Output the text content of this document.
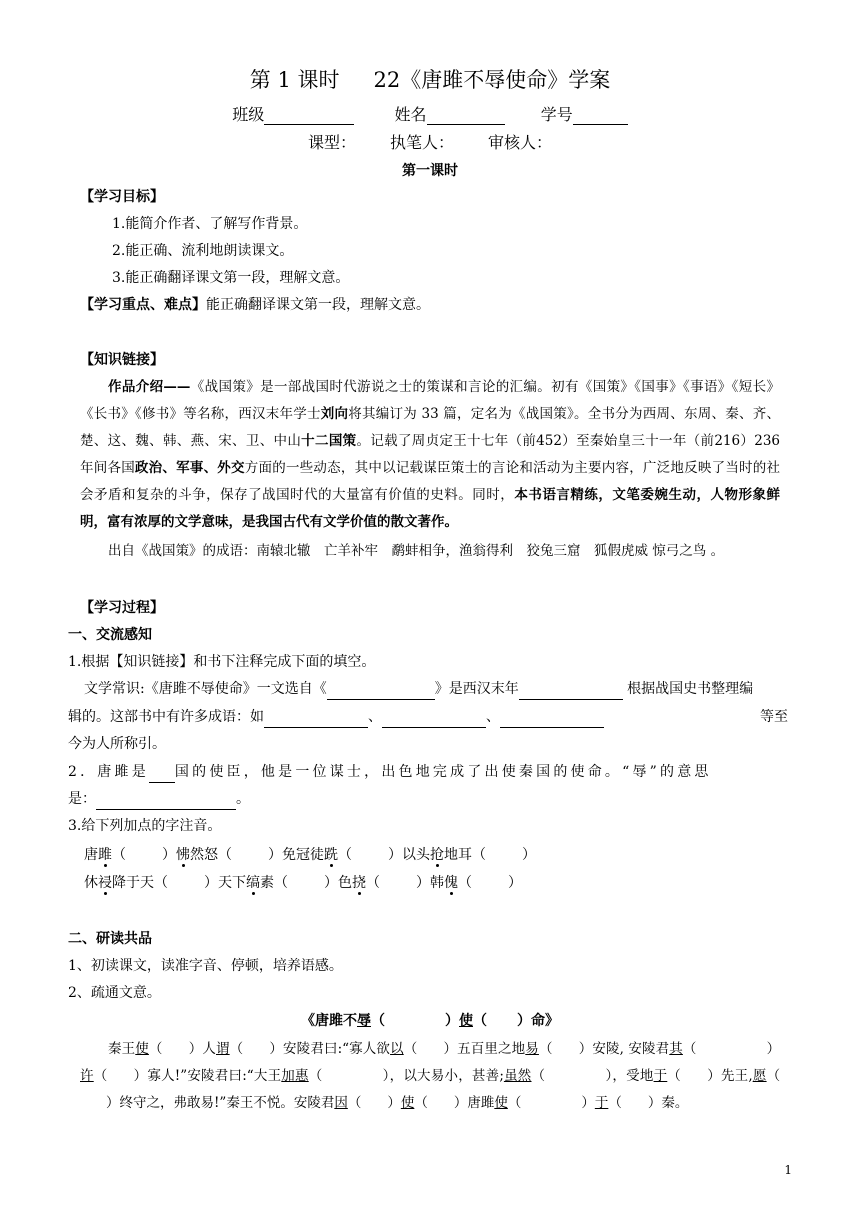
第 1 课时 22《唐雎不辱使命》学案
班级	姓名	学号
课型： 执笔人： 审核人：
第一课时
【学习目标】
1.能简介作者、了解写作背景。
2.能正确、流利地朗读课文。
3.能正确翻译课文第一段，理解文意。
【学习重点、难点】能正确翻译课文第一段，理解文意。
【知识链接】
作品介绍——《战国策》是一部战国时代游说之士的策谋和言论的汇编。初有《国策》《国事》《事语》《短长》《长书》《修书》等名称，西汉末年学士刘向将其编订为 33 篇，定名为《战国策》。全书分为西周、东周、秦、齐、楚、这、魏、韩、燕、宋、卫、中山十二国策。记载了周贞定王十七年（前452）至秦始皇三十一年（前216）236 年间各国政治、军事、外交方面的一些动态，其中以记载谋臣策士的言论和活动为主要内容，广泛地反映了当时的社会矛盾和复杂的斗争，保存了战国时代的大量富有价值的史料。同时，本书语言精练，文笔委婉生动，人物形象鲜明，富有浓厚的文学意味，是我国古代有文学价值的散文著作。
出自《战国策》的成语：南辕北辙　亡羊补牢　鹬蚌相争，渔翁得利　狡兔三窟　狐假虎威 惊弓之鸟 。
【学习过程】
一、交流感知
1.根据【知识链接】和书下注释完成下面的填空。
文学常识:《唐雎不辱使命》一文选自《	》是西汉末年	根据战国史书整理编
辑的。这部书中有许多成语：如	、	、	等至
今为人所称引。
2．唐雎是 国的使臣，他是一位谋士，出色地完成了出使秦国的使命。“辱”的意思
是：	。
3.给下列加点的字注音。
唐雎（	）怫然怒（	）免冠徒跣（	）以头抢地耳（	）
休祲降于天（	）天下缟素（	）色挠（	）韩傀（	）
二、研读共品
1、初读课文，读准字音、停顿，培养语感。
2、疏通文意。
《唐雎不辱（	）使（ ）命》
秦王使（ ）人谓（ ）安陵君曰:“寡人欲以（ ）五百里之地易（ ）安陵, 安陵君其（	）许（ ）寡人!”安陵君曰:“大王加惠（	），以大易小，甚善;虽然（	），受地于（ ）先王,愿（）终守之，弗敢易!”秦王不悦。安陵君因（ ）使（ ）唐雎使（	）于（ ）秦。
1
